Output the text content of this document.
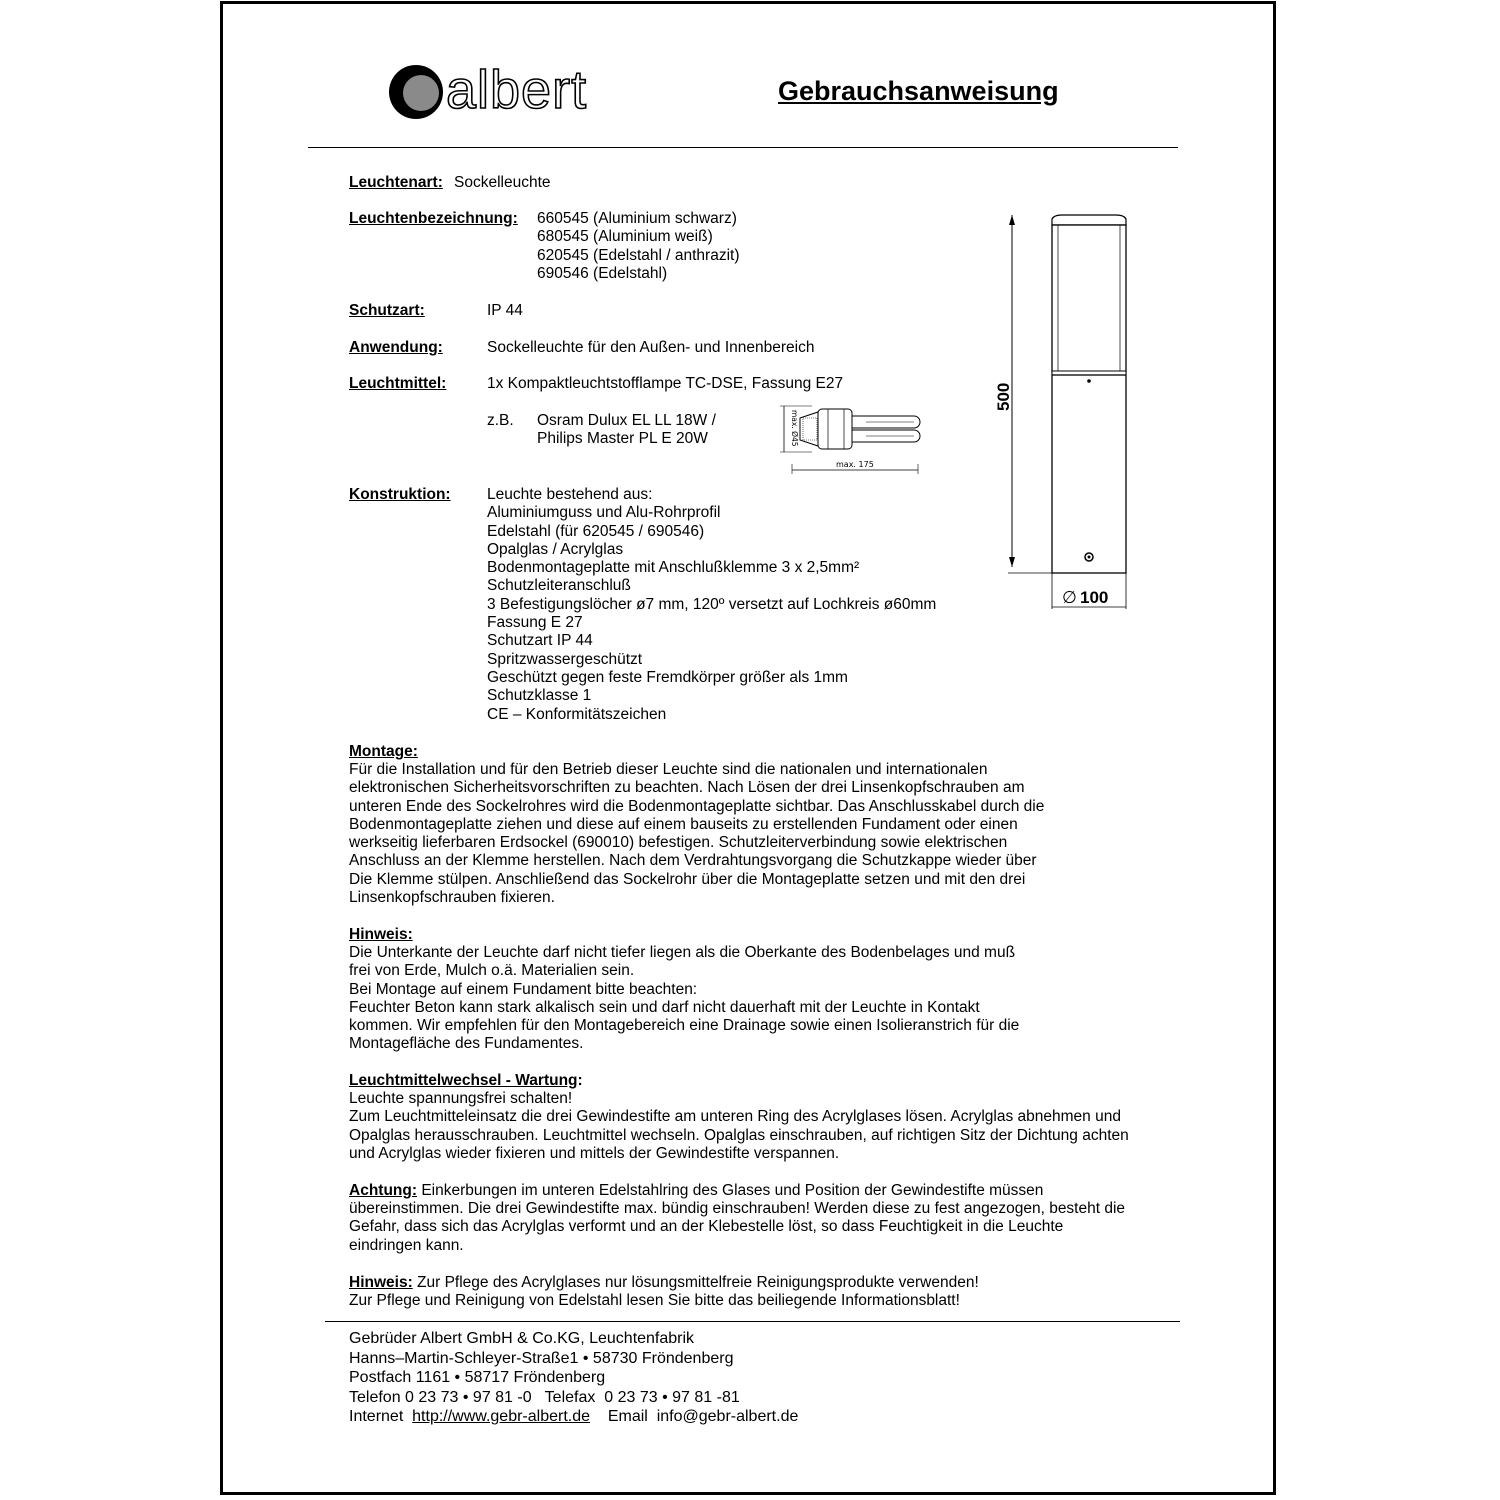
albert	Gebrauchsanweisung
Leuchtenart: Sockelleuchte
Leuchtenbezeichnung: 660545 (Aluminium schwarz)
680545 (Aluminium weiß)
620545 (Edelstahl / anthrazit)
690546 (Edelstahl)
Schutzart:	IP 44
Anwendung:	Sockelleuchte für den Außen- und Innenbereich
Leuchtmittel:	1x Kompaktleuchtstofflampe TC-DSE, Fassung E27
z.B. Osram Dulux EL LL 18W /
Philips Master PL E 20W	max. Ø45
max. 175
Konstruktion: Leuchte bestehend aus:
Aluminiumguss und Alu-Rohrprofil
Edelstahl (für 620545 / 690546)
Opalglas / Acrylglas
Bodenmontageplatte mit Anschlußklemme 3 x 2,5mm²
Schutzleiteranschluß
3 Befestigungslöcher ø7 mm, 120º versetzt auf Lochkreis ø60mm
Fassung E 27
Schutzart IP 44
Spritzwassergeschützt
Geschützt gegen feste Fremdkörper größer als 1mm
Schutzklasse 1
CE – Konformitätszeichen
500
∅ 100
Montage:
Für die Installation und für den Betrieb dieser Leuchte sind die nationalen und internationalen
elektronischen Sicherheitsvorschriften zu beachten. Nach Lösen der drei Linsenkopfschrauben am
unteren Ende des Sockelrohres wird die Bodenmontageplatte sichtbar. Das Anschlusskabel durch die
Bodenmontageplatte ziehen und diese auf einem bauseits zu erstellenden Fundament oder einen
werkseitig lieferbaren Erdsockel (690010) befestigen. Schutzleiterverbindung sowie elektrischen
Anschluss an der Klemme herstellen. Nach dem Verdrahtungsvorgang die Schutzkappe wieder über
Die Klemme stülpen. Anschließend das Sockelrohr über die Montageplatte setzen und mit den drei
Linsenkopfschrauben fixieren.
Hinweis:
Die Unterkante der Leuchte darf nicht tiefer liegen als die Oberkante des Bodenbelages und muß
frei von Erde, Mulch o.ä. Materialien sein.
Bei Montage auf einem Fundament bitte beachten:
Feuchter Beton kann stark alkalisch sein und darf nicht dauerhaft mit der Leuchte in Kontakt
kommen. Wir empfehlen für den Montagebereich eine Drainage sowie einen Isolieranstrich für die
Montagefläche des Fundamentes.
Leuchtmittelwechsel - Wartung:
Leuchte spannungsfrei schalten!
Zum Leuchtmitteleinsatz die drei Gewindestifte am unteren Ring des Acrylglases lösen. Acrylglas abnehmen und
Opalglas herausschrauben. Leuchtmittel wechseln. Opalglas einschrauben, auf richtigen Sitz der Dichtung achten
und Acrylglas wieder fixieren und mittels der Gewindestifte verspannen.
Achtung: Einkerbungen im unteren Edelstahlring des Glases und Position der Gewindestifte müssen
übereinstimmen. Die drei Gewindestifte max. bündig einschrauben! Werden diese zu fest angezogen, besteht die
Gefahr, dass sich das Acrylglas verformt und an der Klebestelle löst, so dass Feuchtigkeit in die Leuchte
eindringen kann.
Hinweis: Zur Pflege des Acrylglases nur lösungsmittelfreie Reinigungsprodukte verwenden!
Zur Pflege und Reinigung von Edelstahl lesen Sie bitte das beiliegende Informationsblatt!
Gebrüder Albert GmbH & Co.KG, Leuchtenfabrik
Hanns–Martin-Schleyer-Straße1 • 58730 Fröndenberg
Postfach 1161 • 58717 Fröndenberg
Telefon 0 23 73 • 97 81 -0   Telefax  0 23 73 • 97 81 -81
Internet http://www.gebr-albert.de Email  info@gebr-albert.de
